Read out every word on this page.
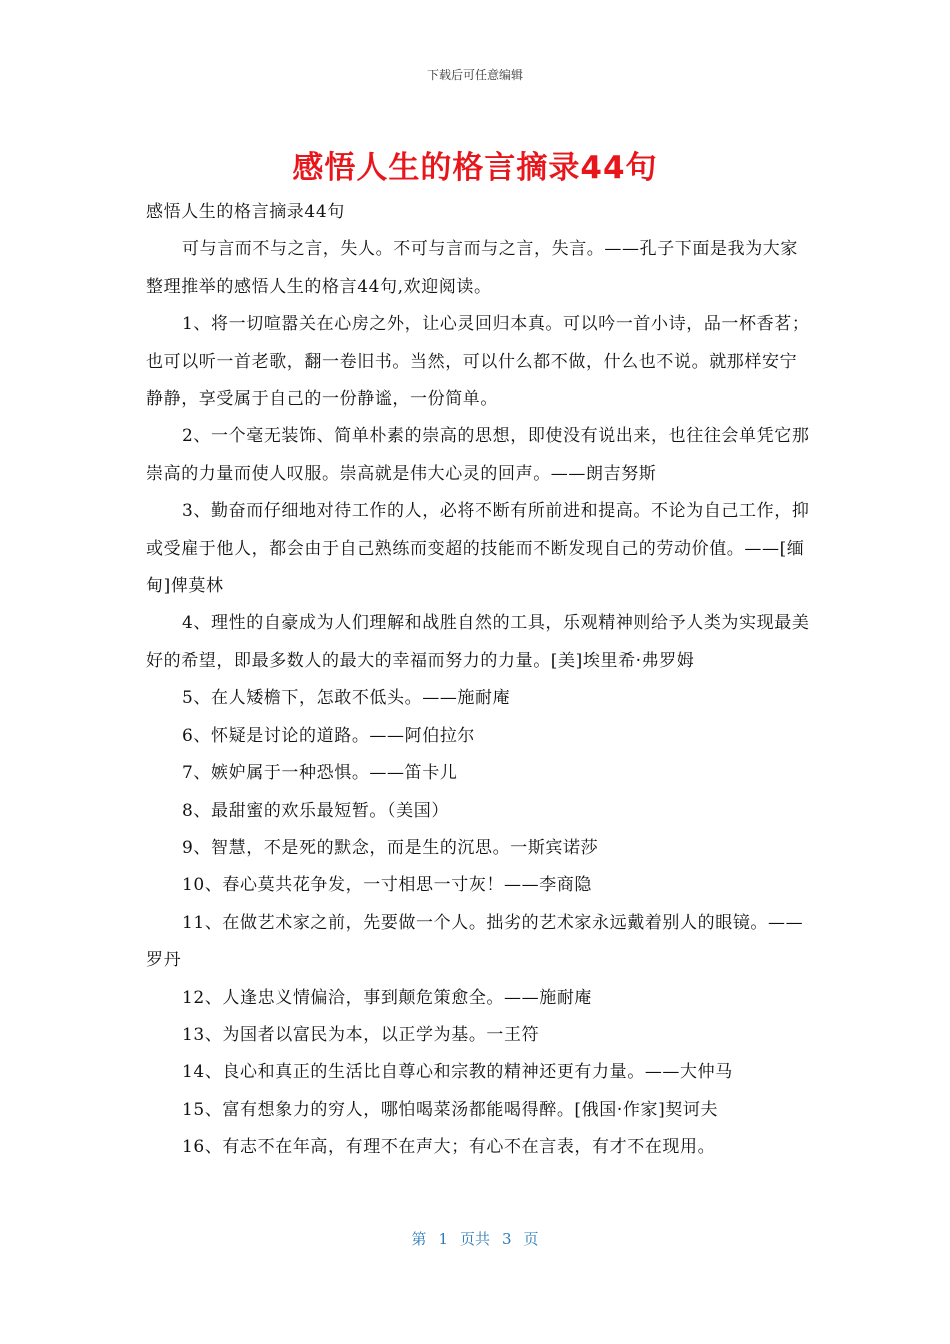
下载后可任意编辑
感悟人生的格言摘录44句

感悟人生的格言摘录44句

可与言而不与之言，失人。不可与言而与之言，失言。——孔子下面是我为大家整理推举的感悟人生的格言44句,欢迎阅读。

1、将一切喧嚣关在心房之外，让心灵回归本真。可以吟一首小诗，品一杯香茗；也可以听一首老歌，翻一卷旧书。当然，可以什么都不做，什么也不说。就那样安宁静静，享受属于自己的一份静谧，一份简单。

2、一个毫无装饰、简单朴素的崇高的思想，即使没有说出来，也往往会单凭它那崇高的力量而使人叹服。崇高就是伟大心灵的回声。——朗吉努斯

3、勤奋而仔细地对待工作的人，必将不断有所前进和提高。不论为自己工作，抑或受雇于他人，都会由于自己熟练而变超的技能而不断发现自己的劳动价值。——[缅甸]俾莫林

4、理性的自豪成为人们理解和战胜自然的工具，乐观精神则给予人类为实现最美好的希望，即最多数人的最大的幸福而努力的力量。[美]埃里希·弗罗姆

5、在人矮檐下，怎敢不低头。——施耐庵

6、怀疑是讨论的道路。——阿伯拉尔

7、嫉妒属于一种恐惧。——笛卡儿

8、最甜蜜的欢乐最短暂。（美国）

9、智慧，不是死的默念，而是生的沉思。一斯宾诺莎

10、春心莫共花争发，一寸相思一寸灰！——李商隐

11、在做艺术家之前，先要做一个人。拙劣的艺术家永远戴着别人的眼镜。——罗丹

12、人逢忠义情偏洽，事到颠危策愈全。——施耐庵

13、为国者以富民为本，以正学为基。一王符

14、良心和真正的生活比自尊心和宗教的精神还更有力量。——大仲马

15、富有想象力的穷人，哪怕喝菜汤都能喝得醉。[俄国·作家]契诃夫

16、有志不在年高，有理不在声大；有心不在言表，有才不在现用。

第 1 页共 3 页
